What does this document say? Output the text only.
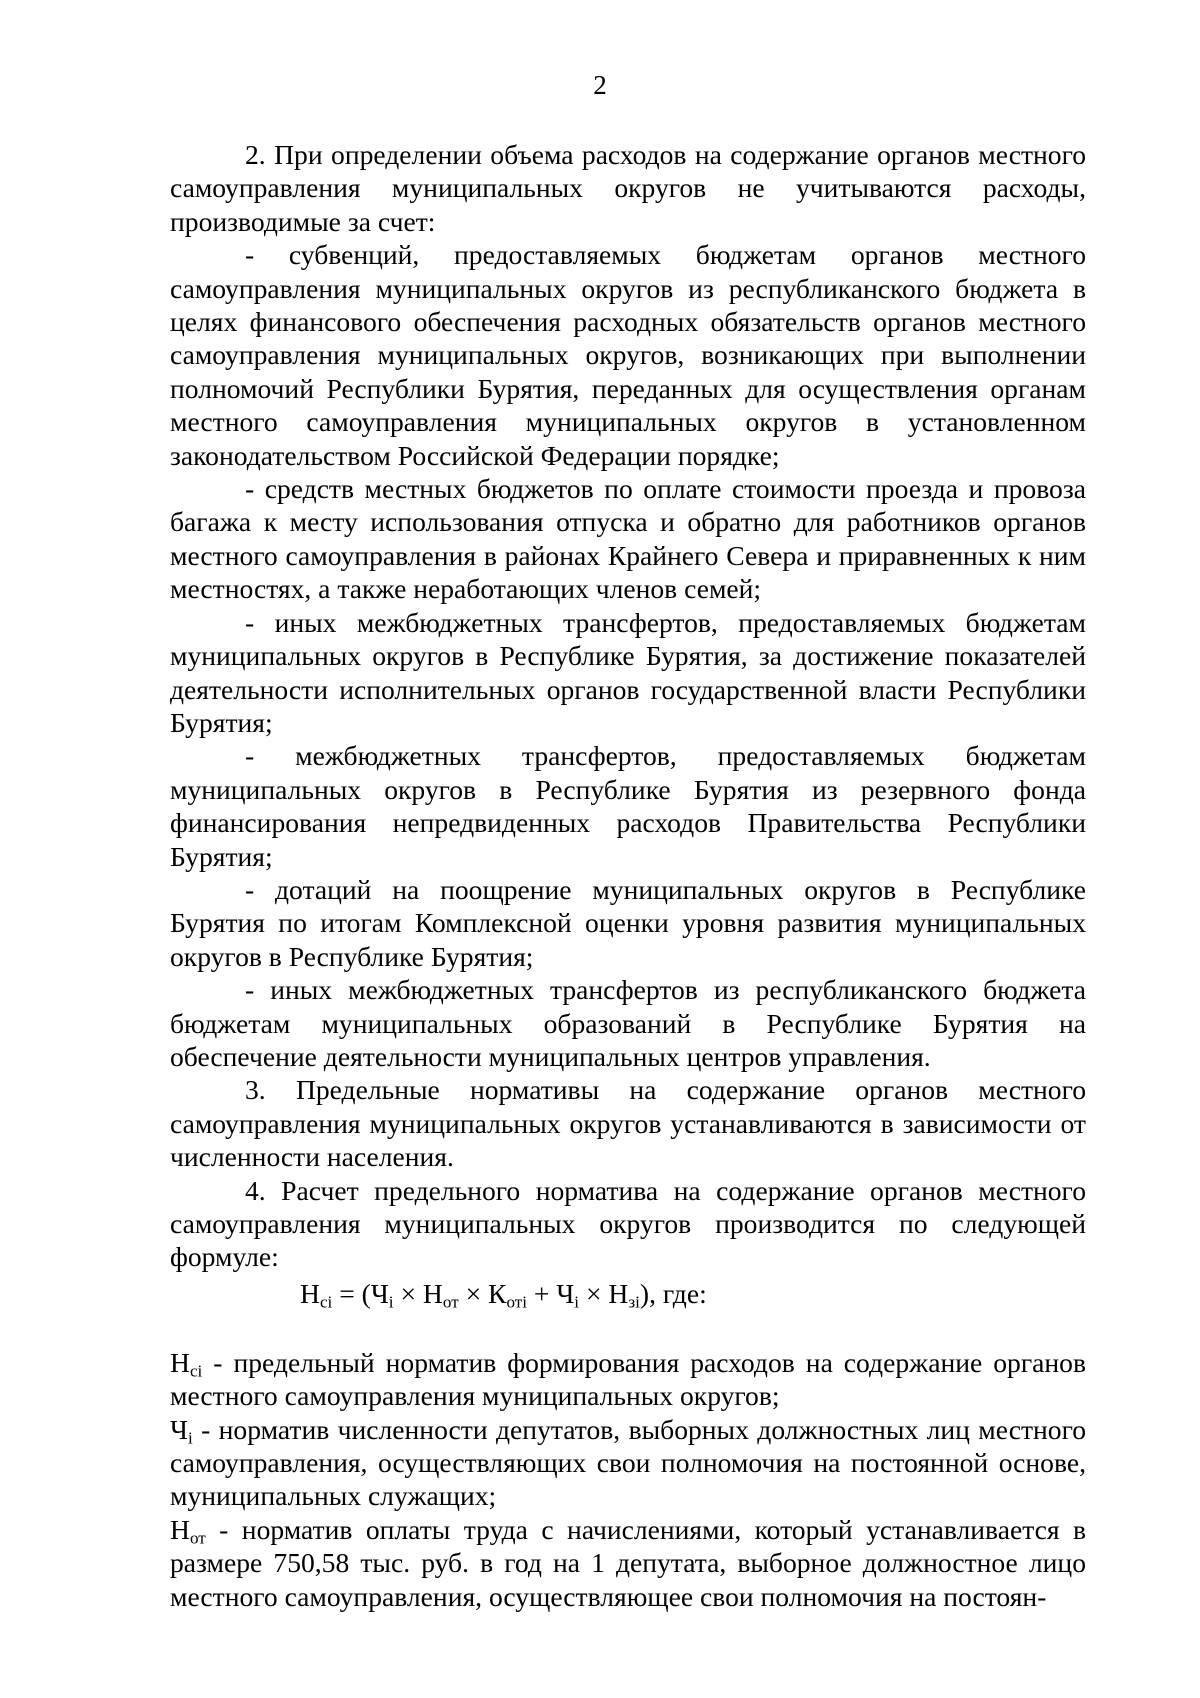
2

2. При определении объема расходов на содержание органов местного самоуправления муниципальных округов не учитываются расходы, производимые за счет:

- субвенций, предоставляемых бюджетам органов местного самоуправления муниципальных округов из республиканского бюджета в целях финансового обеспечения расходных обязательств органов местного самоуправления муниципальных округов, возникающих при выполнении полномочий Республики Бурятия, переданных для осуществления органам местного самоуправления муниципальных округов в установленном законодательством Российской Федерации порядке;

- средств местных бюджетов по оплате стоимости проезда и провоза багажа к месту использования отпуска и обратно для работников органов местного самоуправления в районах Крайнего Севера и приравненных к ним местностях, а также неработающих членов семей;

- иных межбюджетных трансфертов, предоставляемых бюджетам муниципальных округов в Республике Бурятия, за достижение показателей деятельности исполнительных органов государственной власти Республики Бурятия;

- межбюджетных трансфертов, предоставляемых бюджетам муниципальных округов в Республике Бурятия из резервного фонда финансирования непредвиденных расходов Правительства Республики Бурятия;

- дотаций на поощрение муниципальных округов в Республике Бурятия по итогам Комплексной оценки уровня развития муниципальных округов в Республике Бурятия;

- иных межбюджетных трансфертов из республиканского бюджета бюджетам муниципальных образований в Республике Бурятия на обеспечение деятельности муниципальных центров управления.

3. Предельные нормативы на содержание органов местного самоуправления муниципальных округов устанавливаются в зависимости от численности населения.

4. Расчет предельного норматива на содержание органов местного самоуправления муниципальных округов производится по следующей формуле:

$Н_{ci} = (Ч_i \times Н_{от} \times К_{отi} + Ч_i \times Н_{зi})$, где:

$Н_{ci}$ - предельный норматив формирования расходов на содержание органов местного самоуправления муниципальных округов;

$Ч_i$ - норматив численности депутатов, выборных должностных лиц местного самоуправления, осуществляющих свои полномочия на постоянной основе, муниципальных служащих;

$Н_{от}$ - норматив оплаты труда с начислениями, который устанавливается в размере 750,58 тыс. руб. в год на 1 депутата, выборное должностное лицо местного самоуправления, осуществляющее свои полномочия на постоян-
